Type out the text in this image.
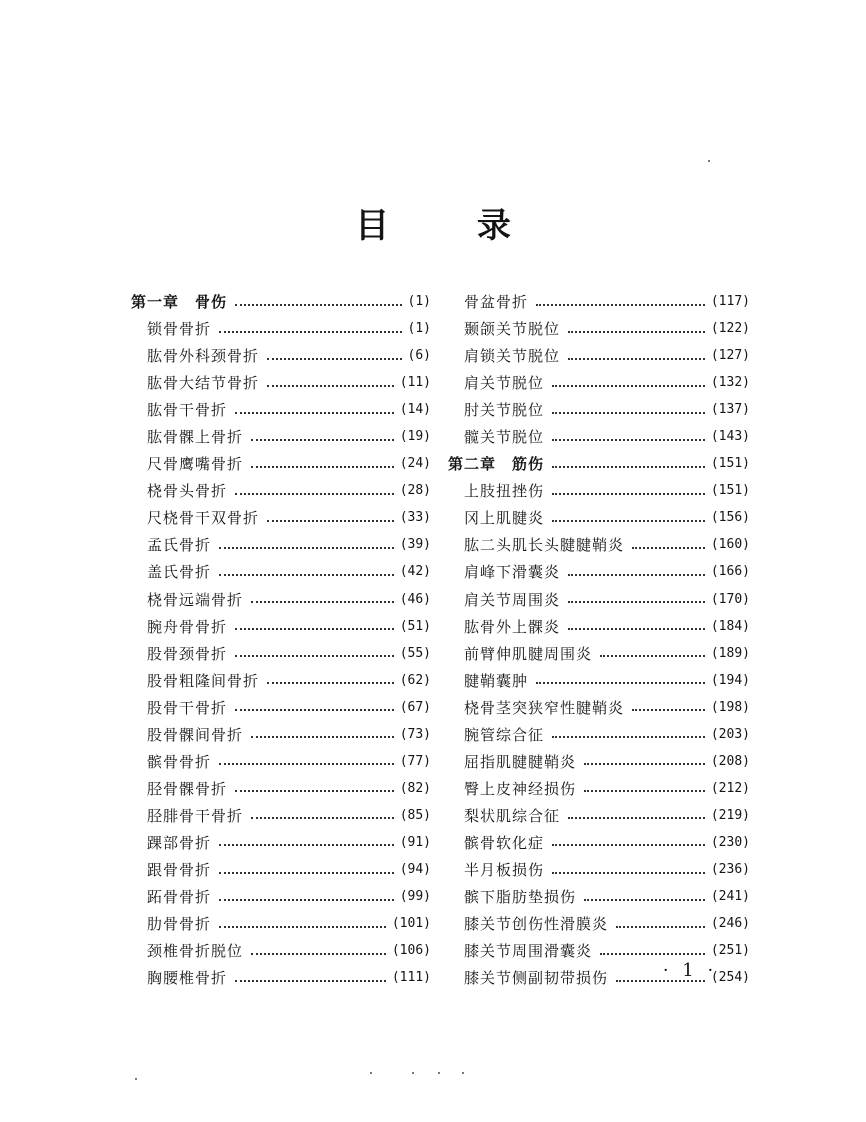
目 录
第一章　骨伤	(1)
锁骨骨折	(1)
肱骨外科颈骨折	(6)
肱骨大结节骨折	(11)
肱骨干骨折	(14)
肱骨髁上骨折	(19)
尺骨鹰嘴骨折	(24)
桡骨头骨折	(28)
尺桡骨干双骨折	(33)
孟氏骨折	(39)
盖氏骨折	(42)
桡骨远端骨折	(46)
腕舟骨骨折	(51)
股骨颈骨折	(55)
股骨粗隆间骨折	(62)
股骨干骨折	(67)
股骨髁间骨折	(73)
髌骨骨折	(77)
胫骨髁骨折	(82)
胫腓骨干骨折	(85)
踝部骨折	(91)
跟骨骨折	(94)
跖骨骨折	(99)
肋骨骨折	(101)
颈椎骨折脱位	(106)
胸腰椎骨折	(111)
骨盆骨折	(117)
颞颌关节脱位	(122)
肩锁关节脱位	(127)
肩关节脱位	(132)
肘关节脱位	(137)
髋关节脱位	(143)
第二章　筋伤	(151)
上肢扭挫伤	(151)
冈上肌腱炎	(156)
肱二头肌长头腱腱鞘炎	(160)
肩峰下滑囊炎	(166)
肩关节周围炎	(170)
肱骨外上髁炎	(184)
前臂伸肌腱周围炎	(189)
腱鞘囊肿	(194)
桡骨茎突狭窄性腱鞘炎	(198)
腕管综合征	(203)
屈指肌腱腱鞘炎	(208)
臀上皮神经损伤	(212)
梨状肌综合征	(219)
髌骨软化症	(230)
半月板损伤	(236)
髌下脂肪垫损伤	(241)
膝关节创伤性滑膜炎	(246)
膝关节周围滑囊炎	(251)
膝关节侧副韧带损伤	(254)
· 1 ·
